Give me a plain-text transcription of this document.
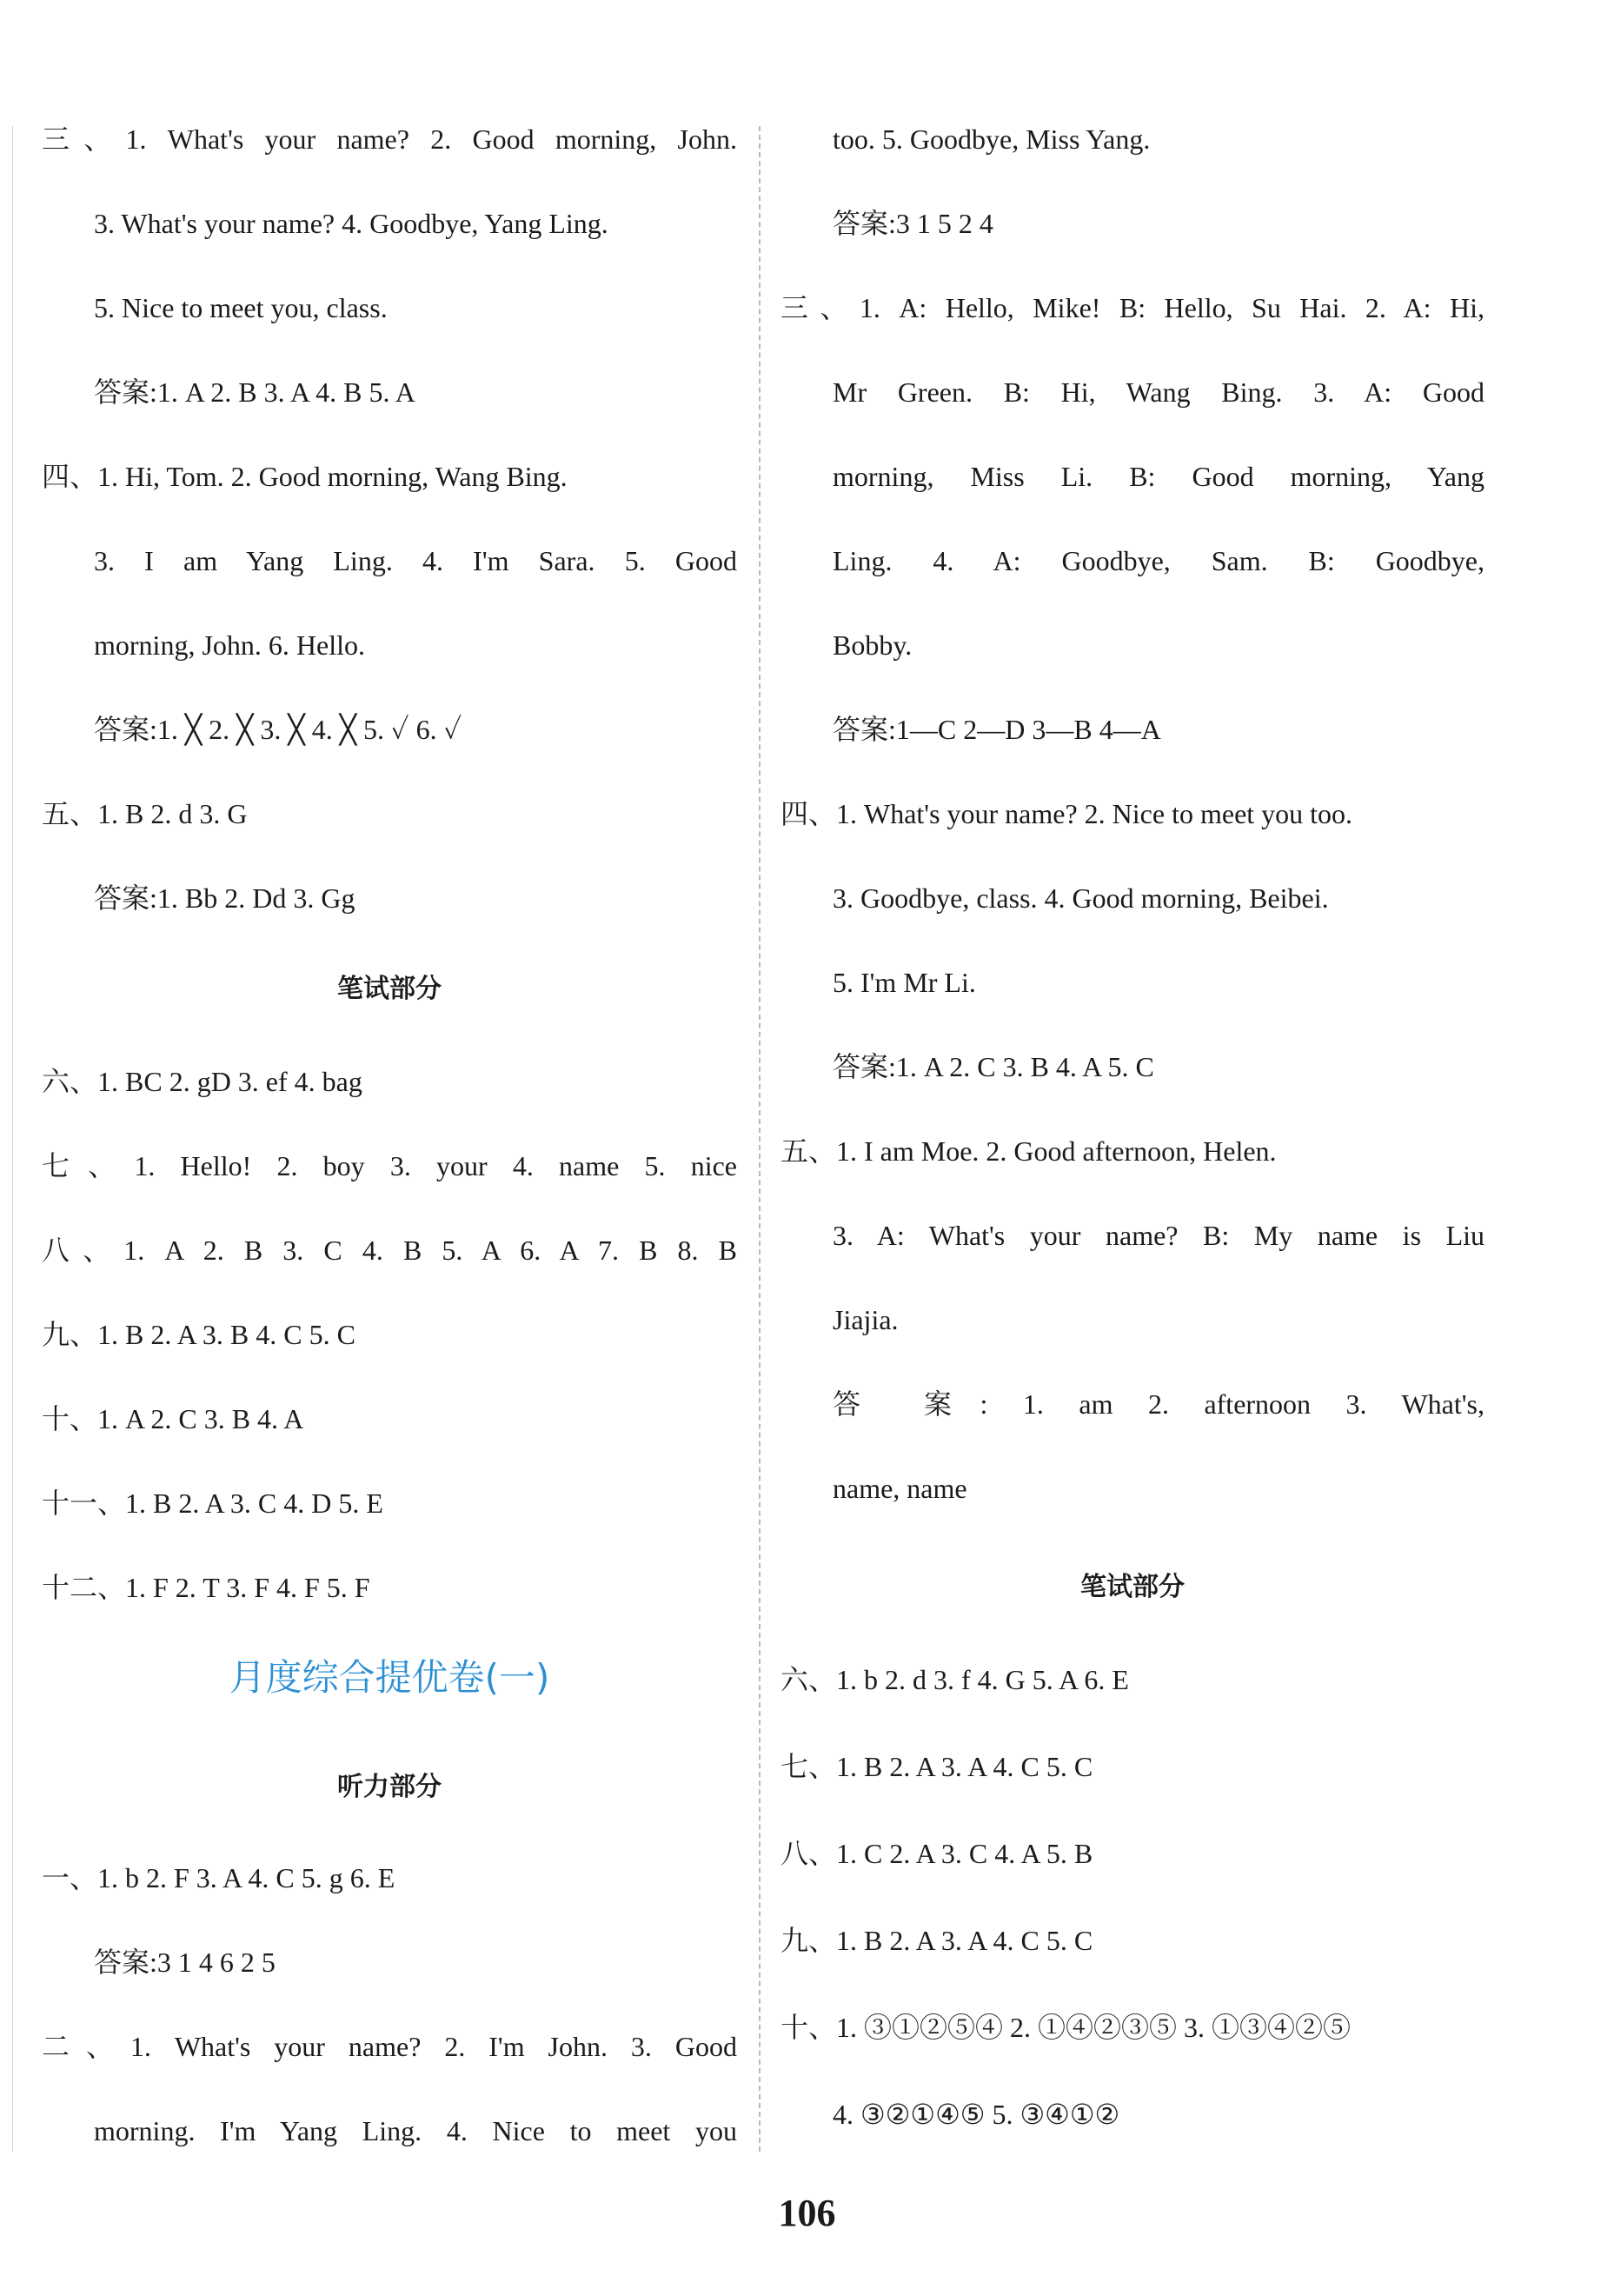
三、1. What's your name? 2. Good morning, John.
3. What's your name? 4. Goodbye, Yang Ling.
5. Nice to meet you, class.
答案:1. A 2. B 3. A 4. B 5. A
四、1. Hi, Tom. 2. Good morning, Wang Bing.
3. I am Yang Ling. 4. I'm Sara. 5. Good
morning, John. 6. Hello.
答案:1. ╳ 2. ╳ 3. ╳ 4. ╳ 5. ✓ 6. ✓
五、1. B 2. d 3. G
答案:1. Bb 2. Dd 3. Gg
笔试部分
六、1. BC 2. gD 3. ef 4. bag
七、1. Hello! 2. boy 3. your 4. name 5. nice
八、1. A 2. B 3. C 4. B 5. A 6. A 7. B 8. B
九、1. B 2. A 3. B 4. C 5. C
十、1. A 2. C 3. B 4. A
十一、1. B 2. A 3. C 4. D 5. E
十二、1. F 2. T 3. F 4. F 5. F
月度综合提优卷(一)
听力部分
一、1. b 2. F 3. A 4. C 5. g 6. E
答案:3 1 4 6 2 5
二、1. What's your name? 2. I'm John. 3. Good
morning. I'm Yang Ling. 4. Nice to meet you
too. 5. Goodbye, Miss Yang.
答案:3 1 5 2 4
三、1. A: Hello, Mike! B: Hello, Su Hai. 2. A: Hi,
Mr Green. B: Hi, Wang Bing. 3. A: Good
morning, Miss Li. B: Good morning, Yang
Ling. 4. A: Goodbye, Sam. B: Goodbye,
Bobby.
答案:1—C 2—D 3—B 4—A
四、1. What's your name? 2. Nice to meet you too.
3. Goodbye, class. 4. Good morning, Beibei.
5. I'm Mr Li.
答案:1. A 2. C 3. B 4. A 5. C
五、1. I am Moe. 2. Good afternoon, Helen.
3. A: What's your name? B: My name is Liu
Jiajia.
答 案: 1. am 2. afternoon 3. What's,
name, name
笔试部分
六、1. b 2. d 3. f 4. G 5. A 6. E
七、1. B 2. A 3. A 4. C 5. C
八、1. C 2. A 3. C 4. A 5. B
九、1. B 2. A 3. A 4. C 5. C
十、1. ③①②⑤④ 2. ①④②③⑤ 3. ①③④②⑤
4. ③②①④⑤ 5. ③④①②
106
